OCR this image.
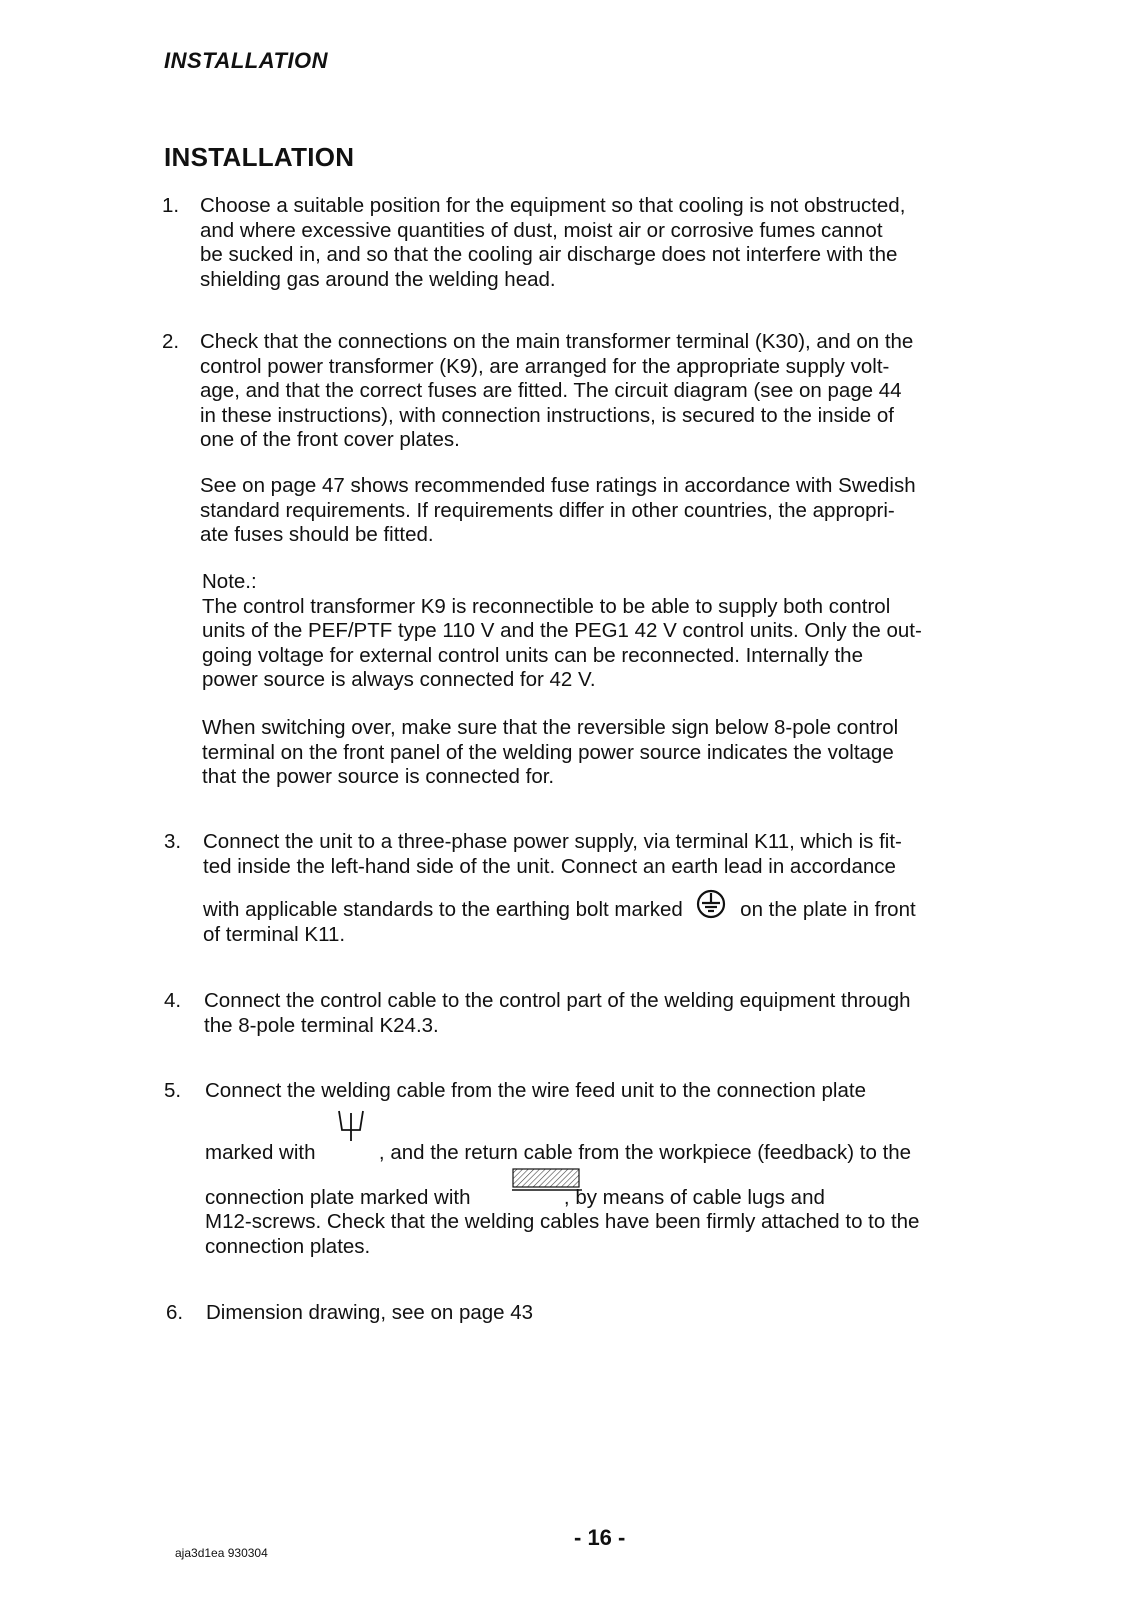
INSTALLATION
INSTALLATION
1. Choose a suitable position for the equipment so that cooling is not obstructed,
and where excessive quantities of dust, moist air or corrosive fumes cannot
be sucked in, and so that the cooling air discharge does not interfere with the
shielding gas around the welding head.
2. Check that the connections on the main transformer terminal (K30), and on the
control power transformer (K9), are arranged for the appropriate supply volt-
age, and that the correct fuses are fitted. The circuit diagram (see on page 44
in these instructions), with connection instructions, is secured to the inside of
one of the front cover plates.
See on page 47 shows recommended fuse ratings in accordance with Swedish
standard requirements. If requirements differ in other countries, the appropri-
ate fuses should be fitted.
Note.:
The control transformer K9 is reconnectible to be able to supply both control
units of the PEF/PTF type 110 V and the PEG1 42 V control units. Only the out-
going voltage for external control units can be reconnected. Internally the
power source is always connected for 42 V.
When switching over, make sure that the reversible sign below 8-pole control
terminal on the front panel of the welding power source indicates the voltage
that the power source is connected for.
3. Connect the unit to a three-phase power supply, via terminal K11, which is fit-
ted inside the left-hand side of the unit. Connect an earth lead in accordance
with applicable standards to the earthing bolt marked	on the plate in front
of terminal K11.
4. Connect the control cable to the control part of the welding equipment through
the 8-pole terminal K24.3.
5. Connect the welding cable from the wire feed unit to the connection plate
marked with	, and the return cable from the workpiece (feedback) to the
connection plate marked with	, by means of cable lugs and
M12-screws. Check that the welding cables have been firmly attached to to the
connection plates.
6. Dimension drawing, see on page 43
- 16 -
aja3d1ea 930304
